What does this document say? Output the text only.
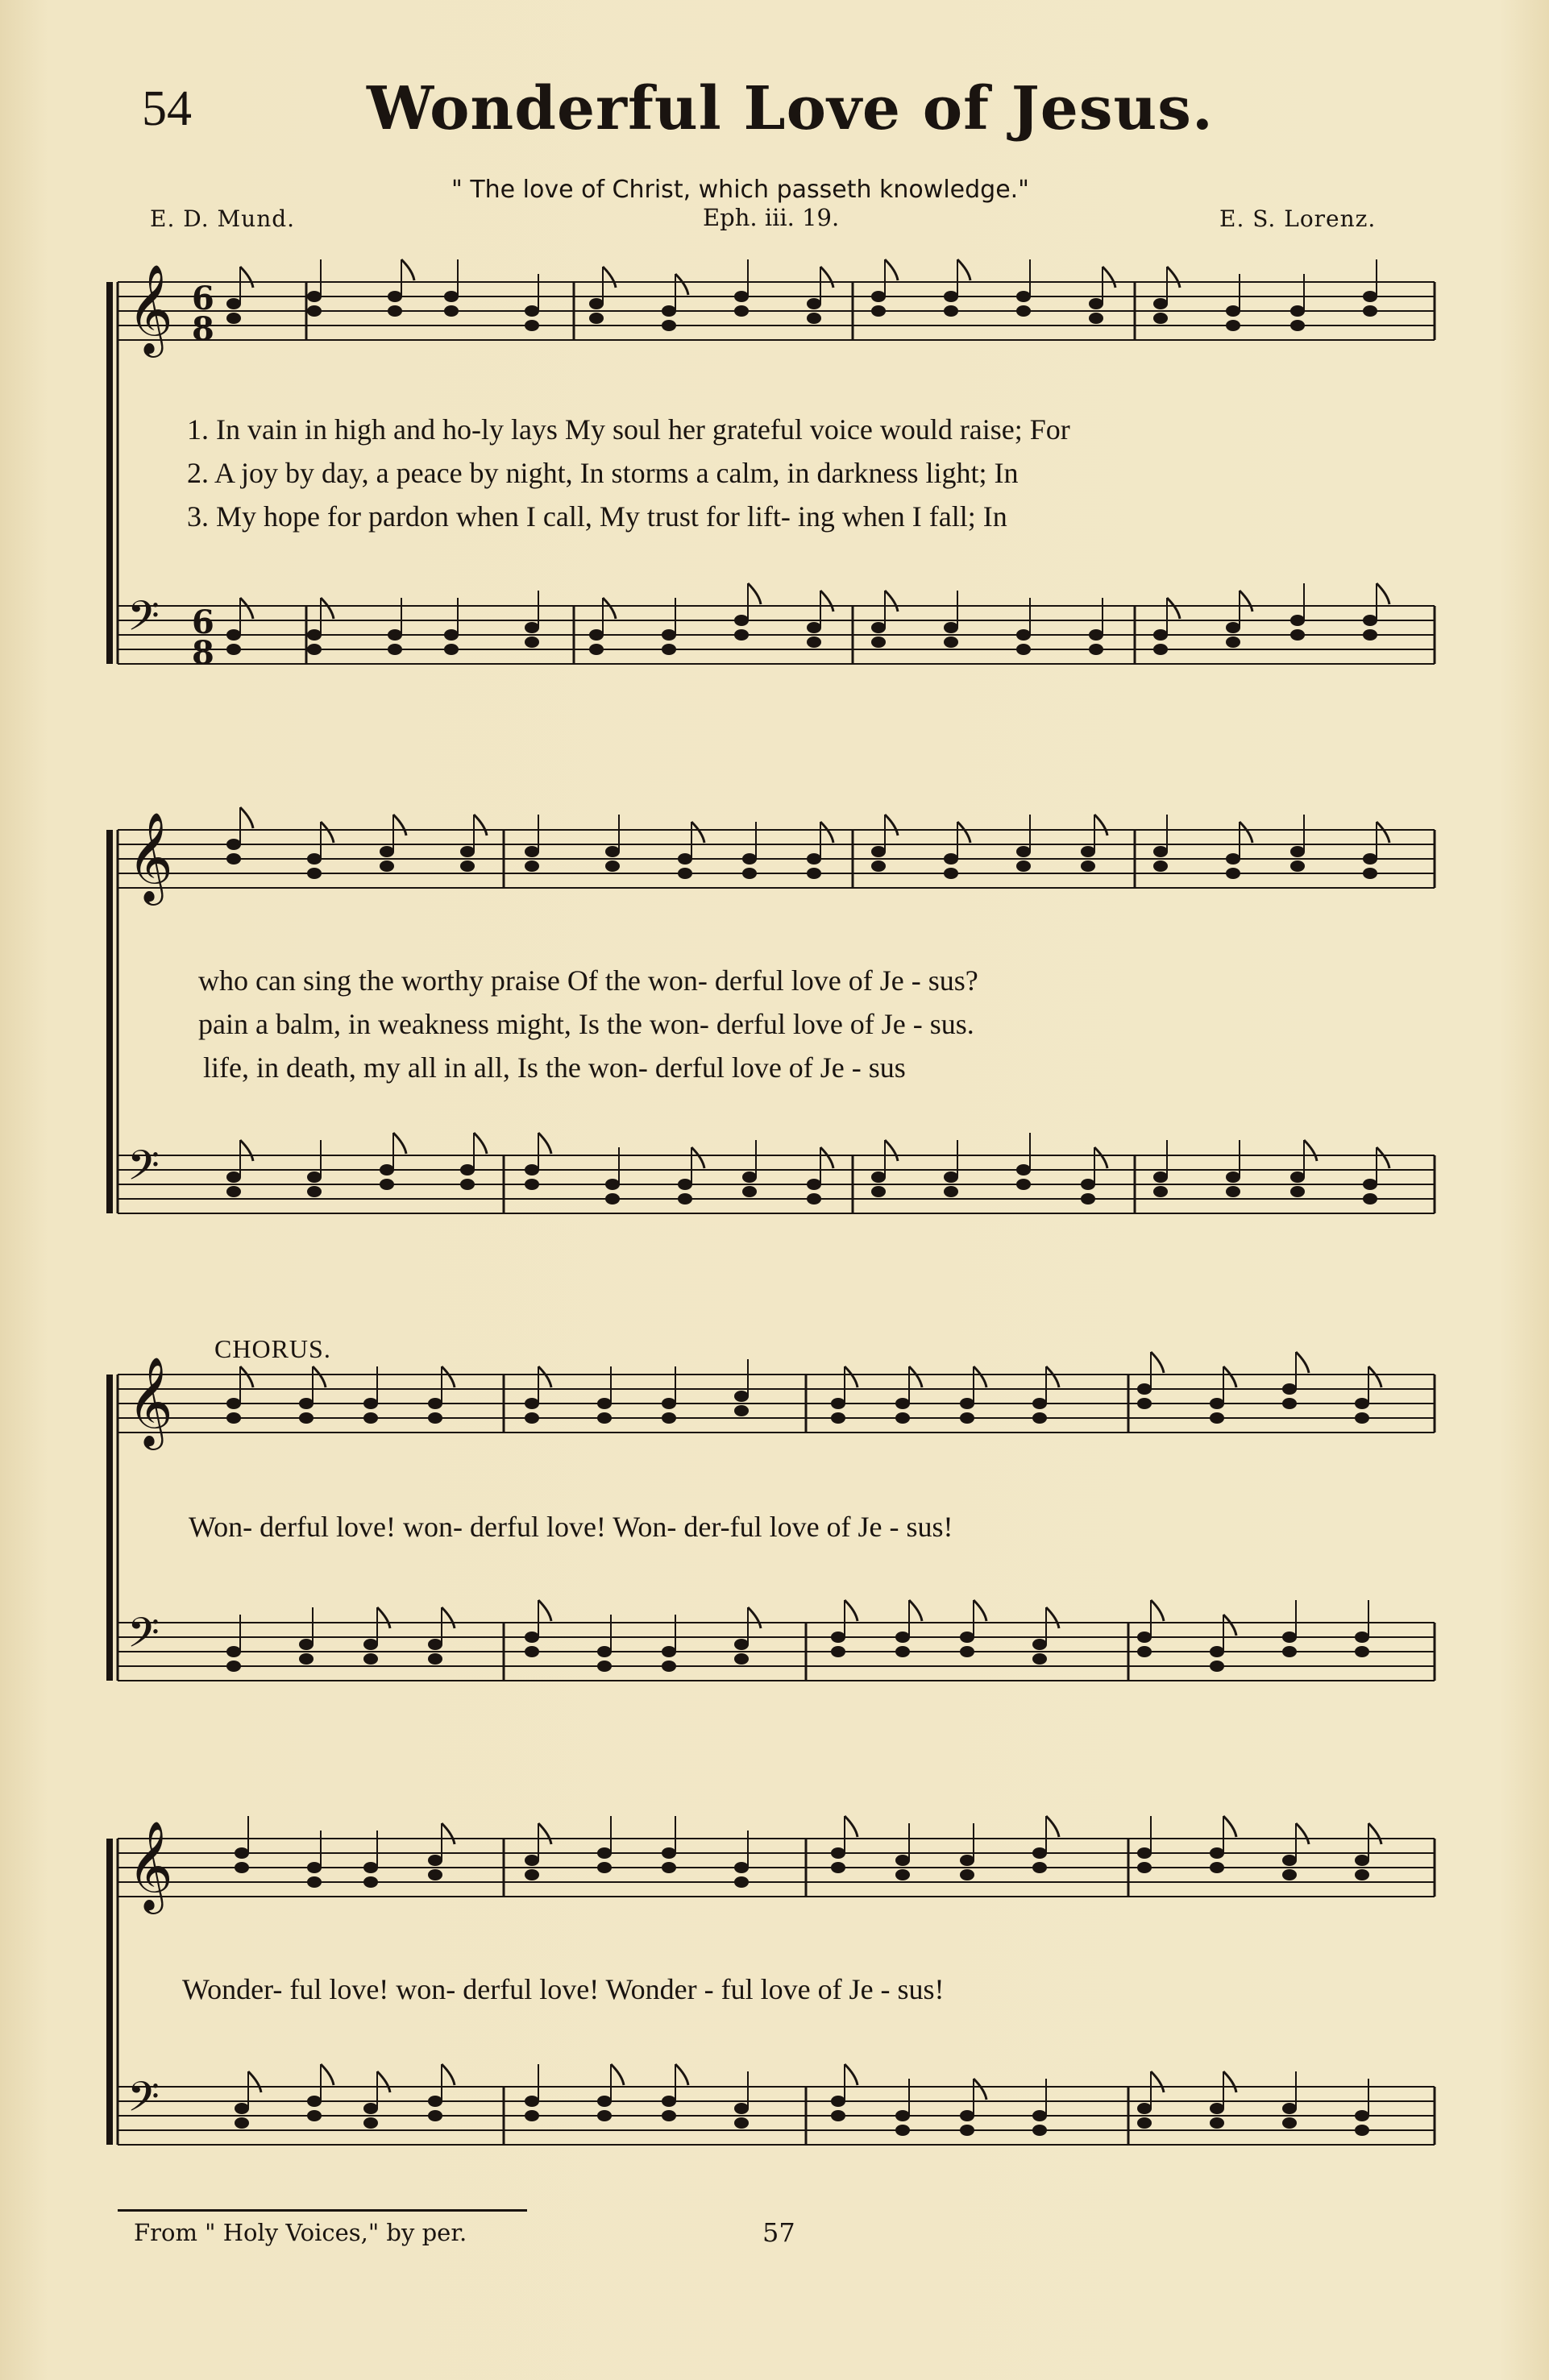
54	Wonderful Love of Jesus.
" The love of Christ, which passeth knowledge."
Eph. iii. 19.
E. D. Mund.	E. S. Lorenz.
𝄞
𝄢
6
8
6
8
𝄞
𝄢
𝄞
𝄢
𝄞
𝄢
1. In vain in high and ho-ly lays My soul her grateful voice would raise; For
2. A joy by day, a peace by night, In storms a calm, in darkness light; In
3. My hope for pardon when I call, My trust for lift- ing when I fall; In
who can sing the worthy praise Of the won- derful love of Je - sus?
pain a balm, in weakness might, Is the won- derful love of Je - sus.
life, in death, my all in all, Is the won- derful love of Je - sus
CHORUS.
Won- derful love! won- derful love! Won- der-ful love of Je - sus!
Wonder- ful love! won- derful love! Wonder - ful love of Je - sus!
From " Holy Voices," by per.	57
